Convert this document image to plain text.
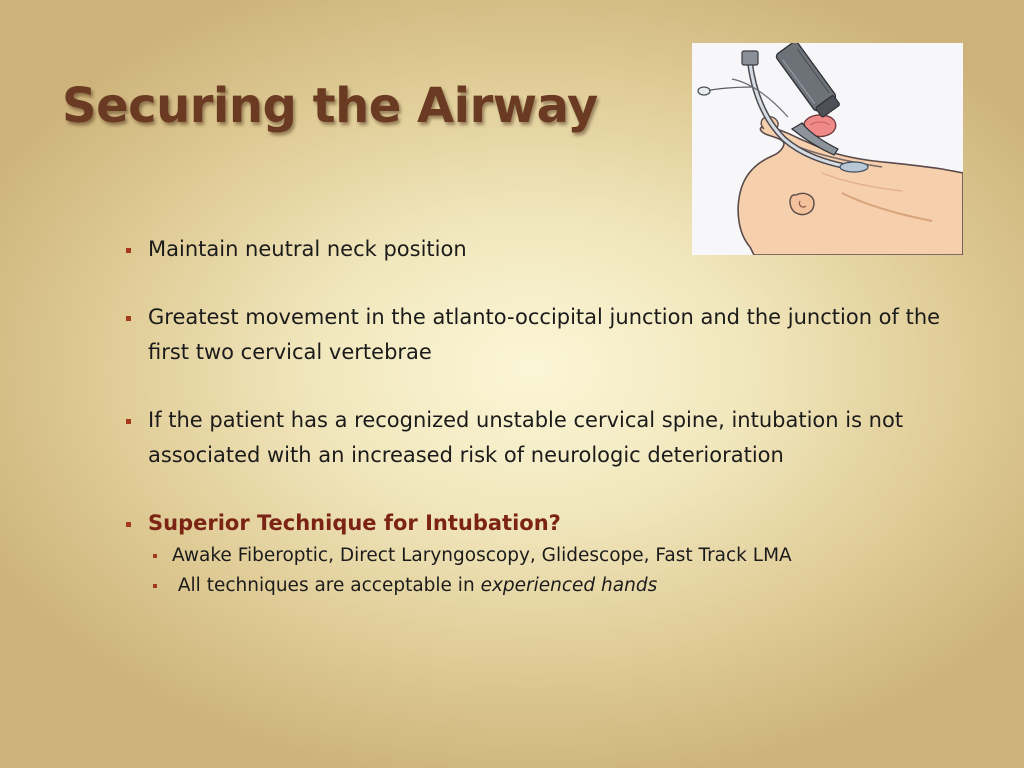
Securing the Airway
Maintain neutral neck position
Greatest movement in the atlanto-occipital junction and the junction of the first two cervical vertebrae
If the patient has a recognized unstable cervical spine, intubation is not associated with an increased risk of neurologic deterioration
Superior Technique for Intubation?
Awake Fiberoptic, Direct Laryngoscopy, Glidescope, Fast Track LMA
All techniques are acceptable in experienced hands
